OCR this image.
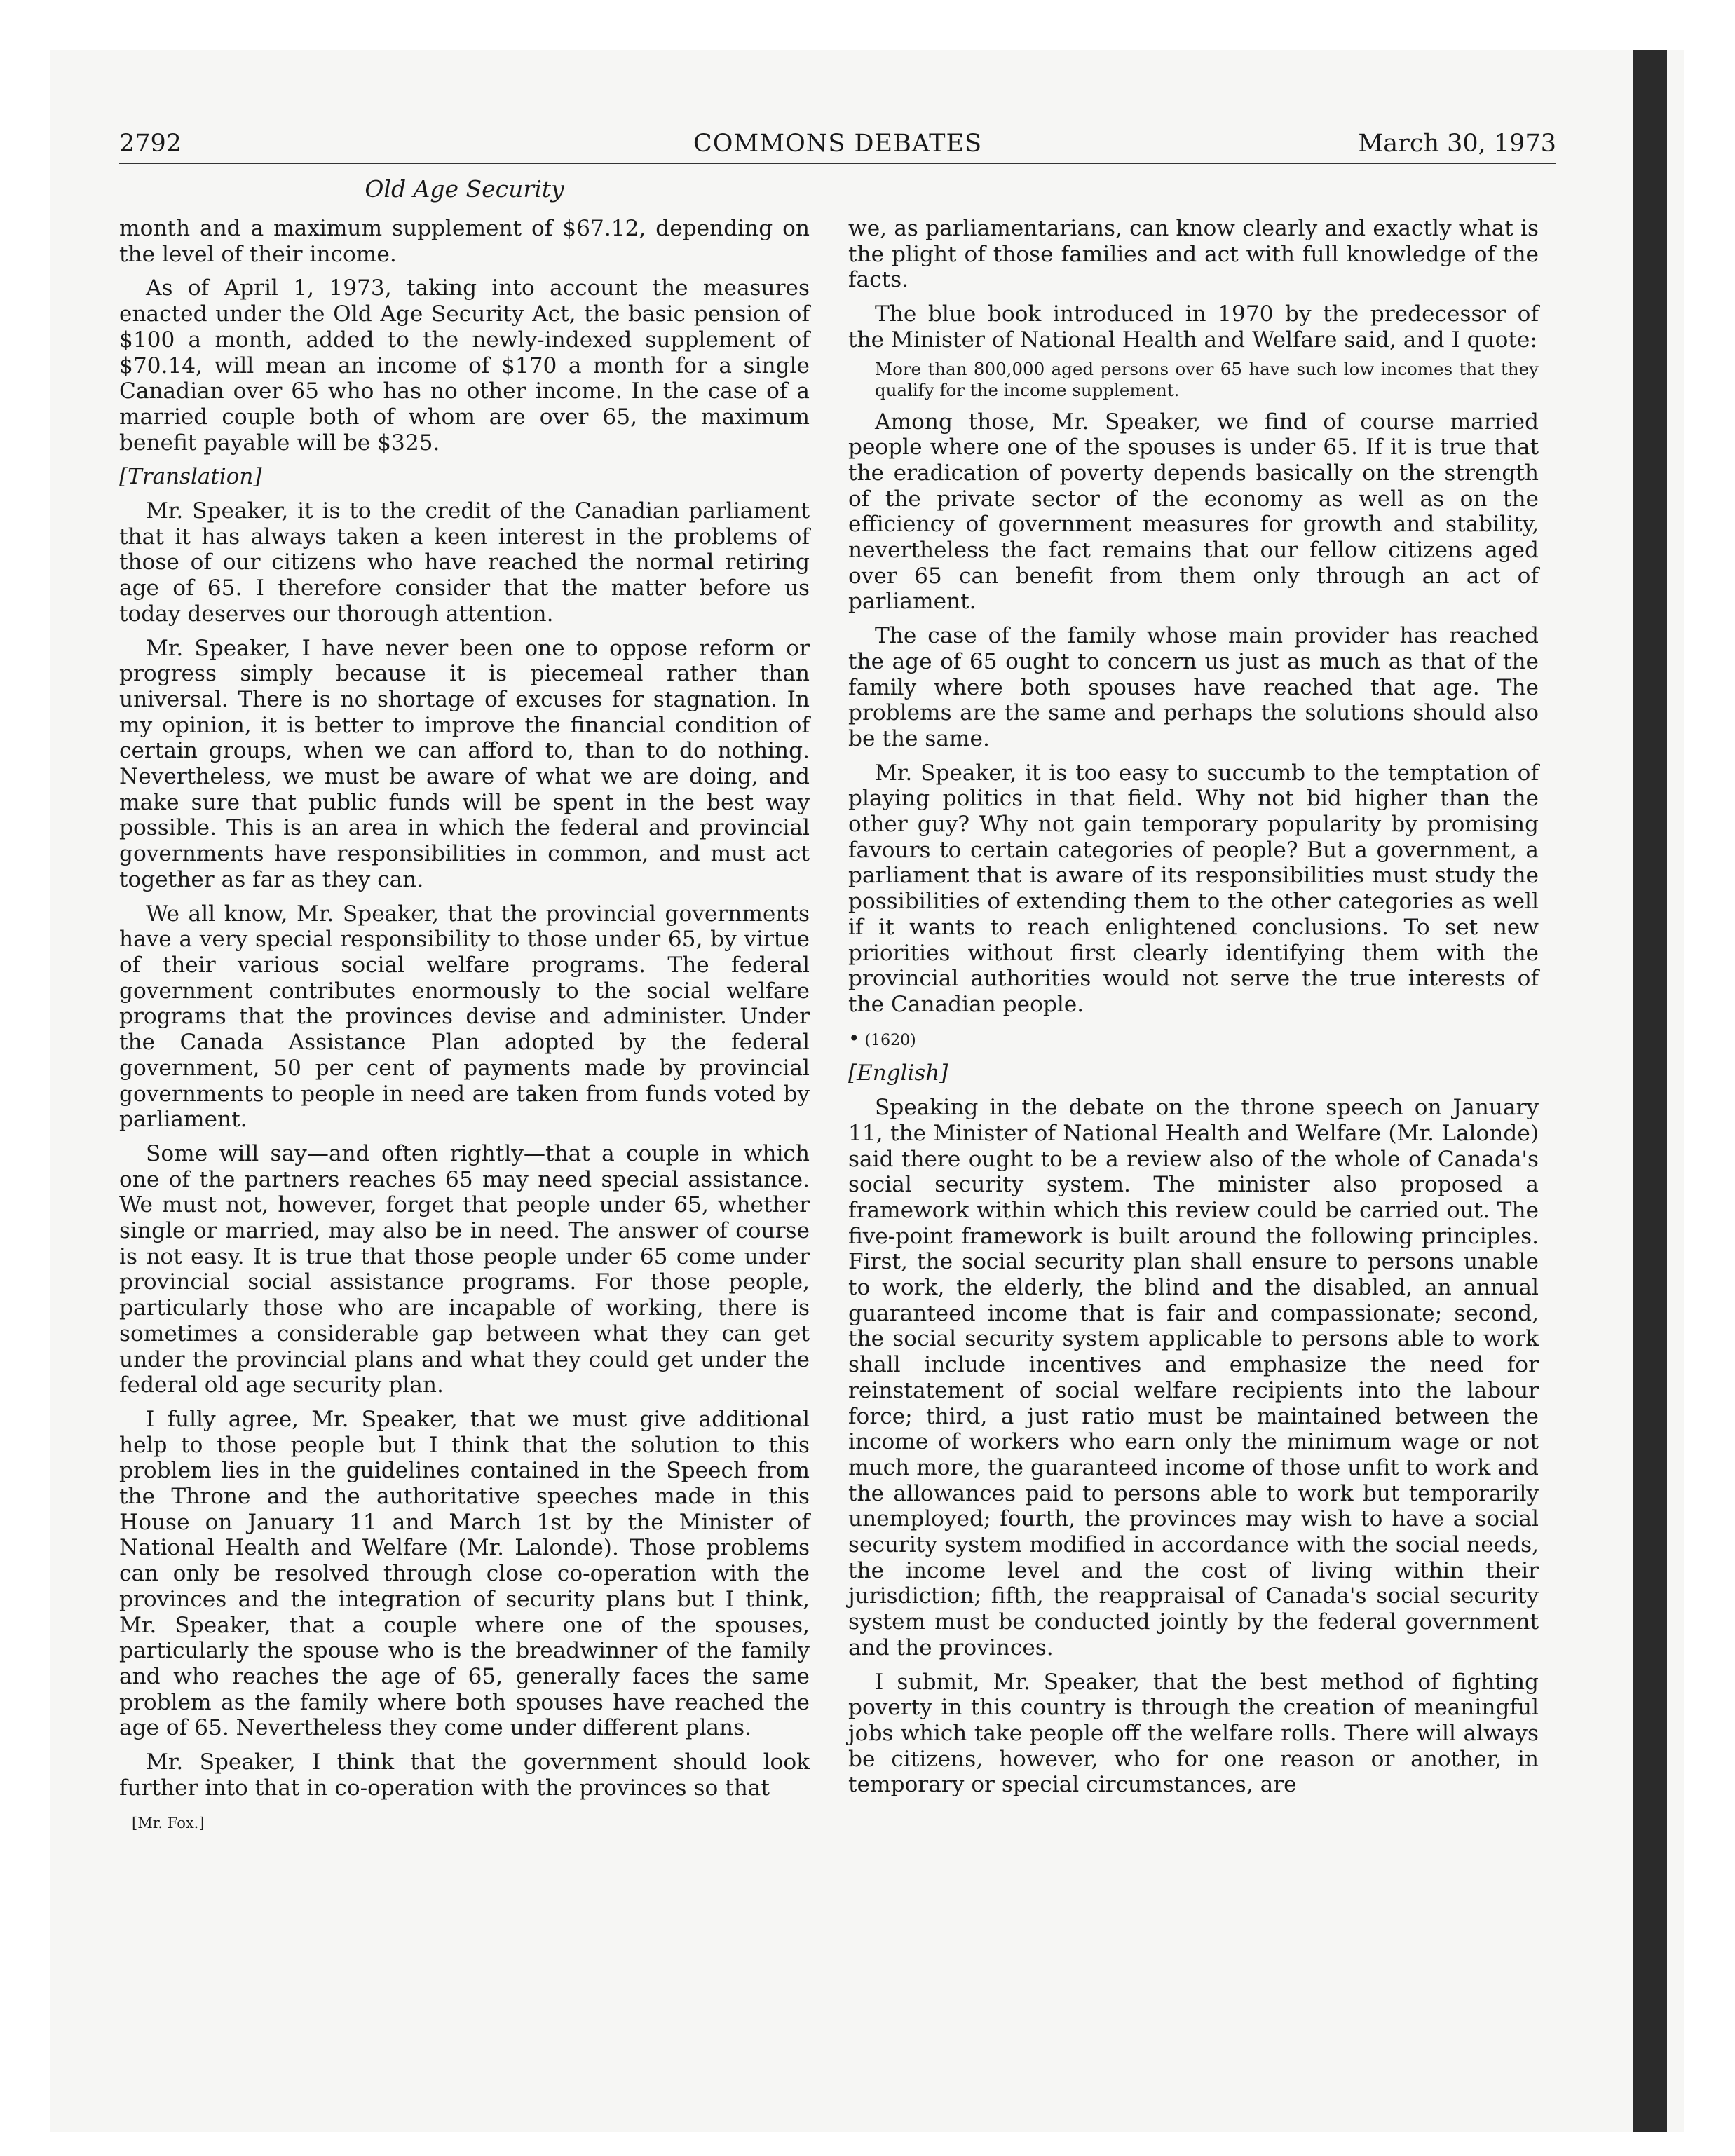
2792	COMMONS DEBATES	March 30, 1973
Old Age Security

month and a maximum supplement of $67.12, depending on the level of their income.

As of April 1, 1973, taking into account the measures enacted under the Old Age Security Act, the basic pension of $100 a month, added to the newly-indexed supplement of $70.14, will mean an income of $170 a month for a single Canadian over 65 who has no other income. In the case of a married couple both of whom are over 65, the maximum benefit payable will be $325.

[Translation]

Mr. Speaker, it is to the credit of the Canadian parliament that it has always taken a keen interest in the problems of those of our citizens who have reached the normal retiring age of 65. I therefore consider that the matter before us today deserves our thorough attention.

Mr. Speaker, I have never been one to oppose reform or progress simply because it is piecemeal rather than universal. There is no shortage of excuses for stagnation. In my opinion, it is better to improve the financial condition of certain groups, when we can afford to, than to do nothing. Nevertheless, we must be aware of what we are doing, and make sure that public funds will be spent in the best way possible. This is an area in which the federal and provincial governments have responsibilities in common, and must act together as far as they can.

We all know, Mr. Speaker, that the provincial governments have a very special responsibility to those under 65, by virtue of their various social welfare programs. The federal government contributes enormously to the social welfare programs that the provinces devise and administer. Under the Canada Assistance Plan adopted by the federal government, 50 per cent of payments made by provincial governments to people in need are taken from funds voted by parliament.

Some will say—and often rightly—that a couple in which one of the partners reaches 65 may need special assistance. We must not, however, forget that people under 65, whether single or married, may also be in need. The answer of course is not easy. It is true that those people under 65 come under provincial social assistance programs. For those people, particularly those who are incapable of working, there is sometimes a considerable gap between what they can get under the provincial plans and what they could get under the federal old age security plan.

I fully agree, Mr. Speaker, that we must give additional help to those people but I think that the solution to this problem lies in the guidelines contained in the Speech from the Throne and the authoritative speeches made in this House on January 11 and March 1st by the Minister of National Health and Welfare (Mr. Lalonde). Those problems can only be resolved through close co-operation with the provinces and the integration of security plans but I think, Mr. Speaker, that a couple where one of the spouses, particularly the spouse who is the breadwinner of the family and who reaches the age of 65, generally faces the same problem as the family where both spouses have reached the age of 65. Nevertheless they come under different plans.

Mr. Speaker, I think that the government should look further into that in co-operation with the provinces so that

[Mr. Fox.]

we, as parliamentarians, can know clearly and exactly what is the plight of those families and act with full knowledge of the facts.

The blue book introduced in 1970 by the predecessor of the Minister of National Health and Welfare said, and I quote:

More than 800,000 aged persons over 65 have such low incomes that they qualify for the income supplement.

Among those, Mr. Speaker, we find of course married people where one of the spouses is under 65. If it is true that the eradication of poverty depends basically on the strength of the private sector of the economy as well as on the efficiency of government measures for growth and stability, nevertheless the fact remains that our fellow citizens aged over 65 can benefit from them only through an act of parliament.

The case of the family whose main provider has reached the age of 65 ought to concern us just as much as that of the family where both spouses have reached that age. The problems are the same and perhaps the solutions should also be the same.

Mr. Speaker, it is too easy to succumb to the temptation of playing politics in that field. Why not bid higher than the other guy? Why not gain temporary popularity by promising favours to certain categories of people? But a government, a parliament that is aware of its responsibilities must study the possibilities of extending them to the other categories as well if it wants to reach enlightened conclusions. To set new priorities without first clearly identifying them with the provincial authorities would not serve the true interests of the Canadian people.

• (1620)
[English]

Speaking in the debate on the throne speech on January 11, the Minister of National Health and Welfare (Mr. Lalonde) said there ought to be a review also of the whole of Canada's social security system. The minister also proposed a framework within which this review could be carried out. The five-point framework is built around the following principles. First, the social security plan shall ensure to persons unable to work, the elderly, the blind and the disabled, an annual guaranteed income that is fair and compassionate; second, the social security system applicable to persons able to work shall include incentives and emphasize the need for reinstatement of social welfare recipients into the labour force; third, a just ratio must be maintained between the income of workers who earn only the minimum wage or not much more, the guaranteed income of those unfit to work and the allowances paid to persons able to work but temporarily unemployed; fourth, the provinces may wish to have a social security system modified in accordance with the social needs, the income level and the cost of living within their jurisdiction; fifth, the reappraisal of Canada's social security system must be conducted jointly by the federal government and the provinces.

I submit, Mr. Speaker, that the best method of fighting poverty in this country is through the creation of meaningful jobs which take people off the welfare rolls. There will always be citizens, however, who for one reason or another, in temporary or special circumstances, are
